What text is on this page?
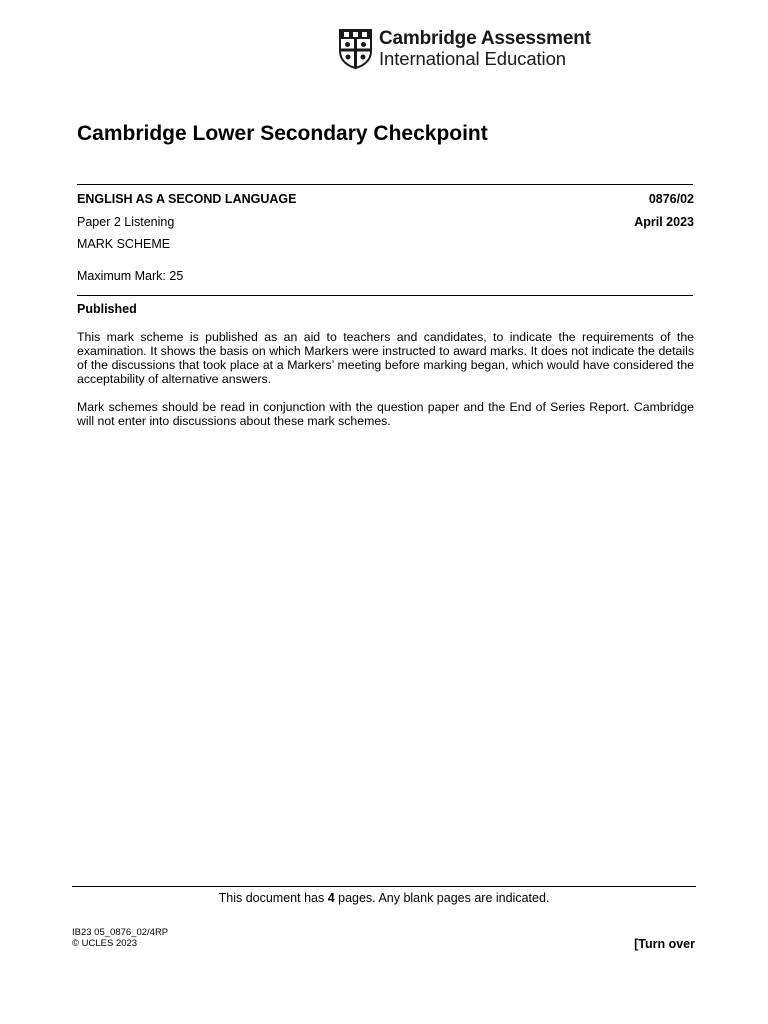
Cambridge Assessment
International Education
Cambridge Lower Secondary Checkpoint
ENGLISH AS A SECOND LANGUAGE	0876/02
Paper 2 Listening	April 2023
MARK SCHEME
Maximum Mark: 25
Published

This mark scheme is published as an aid to teachers and candidates, to indicate the requirements of the examination. It shows the basis on which Markers were instructed to award marks. It does not indicate the details of the discussions that took place at a Markers’ meeting before marking began, which would have considered the acceptability of alternative answers.

Mark schemes should be read in conjunction with the question paper and the End of Series Report. Cambridge will not enter into discussions about these mark schemes.

This document has 4 pages. Any blank pages are indicated.
IB23 05_0876_02/4RP
© UCLES 2023	[Turn over
